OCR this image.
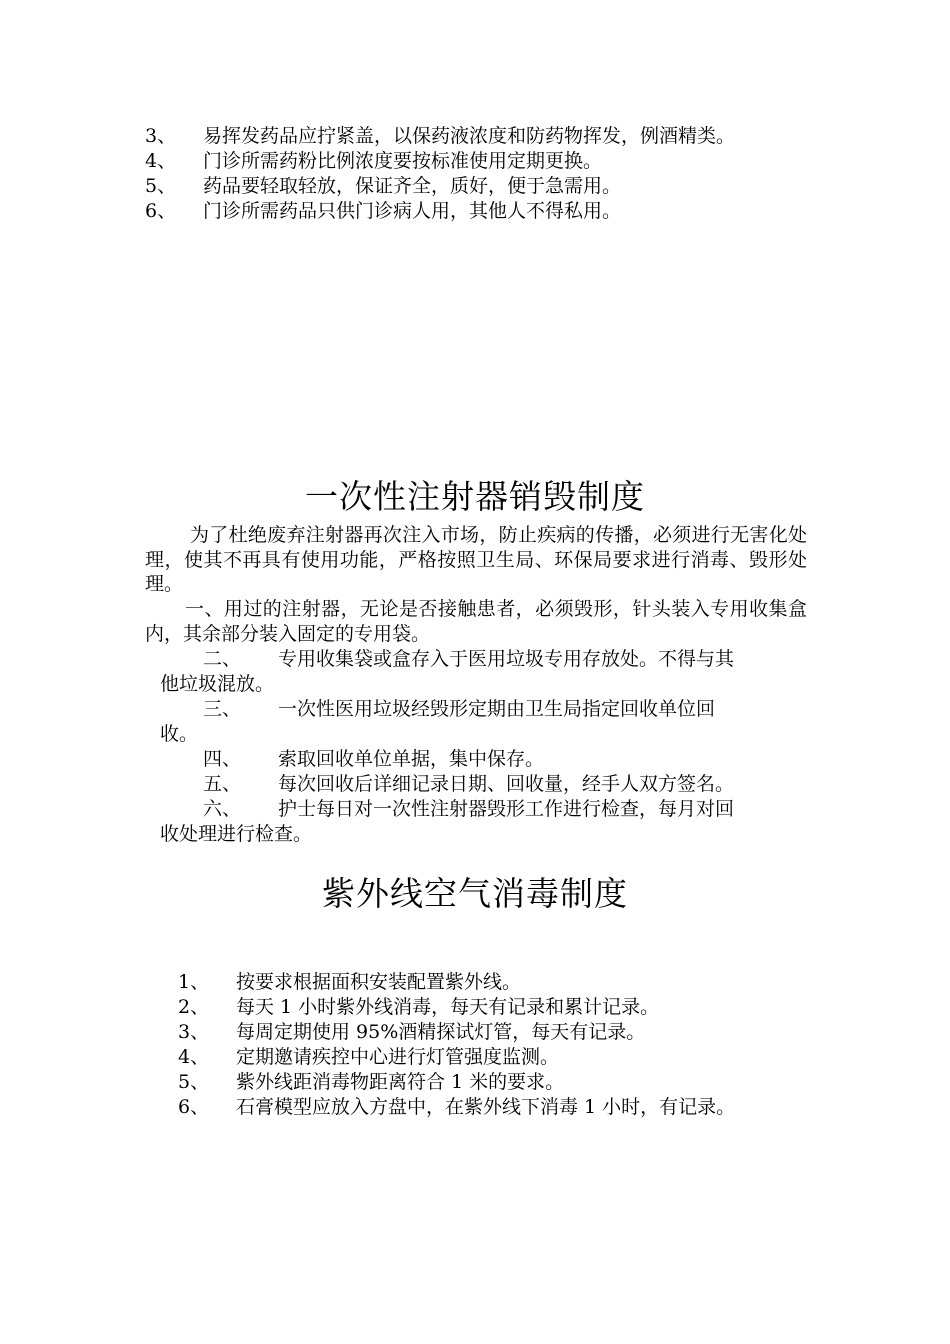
3、 易挥发药品应拧紧盖，以保药液浓度和防药物挥发，例酒精类。
4、 门诊所需药粉比例浓度要按标准使用定期更换。
5、 药品要轻取轻放，保证齐全，质好，便于急需用。
6、 门诊所需药品只供门诊病人用，其他人不得私用。
一次性注射器销毁制度
为了杜绝废弃注射器再次注入市场，防止疾病的传播，必须进行无害化处理，使其不再具有使用功能，严格按照卫生局、环保局要求进行消毒、毁形处理。
一、用过的注射器，无论是否接触患者，必须毁形，针头装入专用收集盒内，其余部分装入固定的专用袋。
二、 专用收集袋或盒存入于医用垃圾专用存放处。不得与其
他垃圾混放。
三、 一次性医用垃圾经毁形定期由卫生局指定回收单位回
收。
四、 索取回收单位单据，集中保存。
五、 每次回收后详细记录日期、回收量，经手人双方签名。
六、 护士每日对一次性注射器毁形工作进行检查，每月对回
收处理进行检查。
紫外线空气消毒制度
1、 按要求根据面积安装配置紫外线。
2、 每天 1 小时紫外线消毒，每天有记录和累计记录。
3、 每周定期使用 95%酒精探试灯管，每天有记录。
4、 定期邀请疾控中心进行灯管强度监测。
5、 紫外线距消毒物距离符合 1 米的要求。
6、 石膏模型应放入方盘中，在紫外线下消毒 1 小时，有记录。
